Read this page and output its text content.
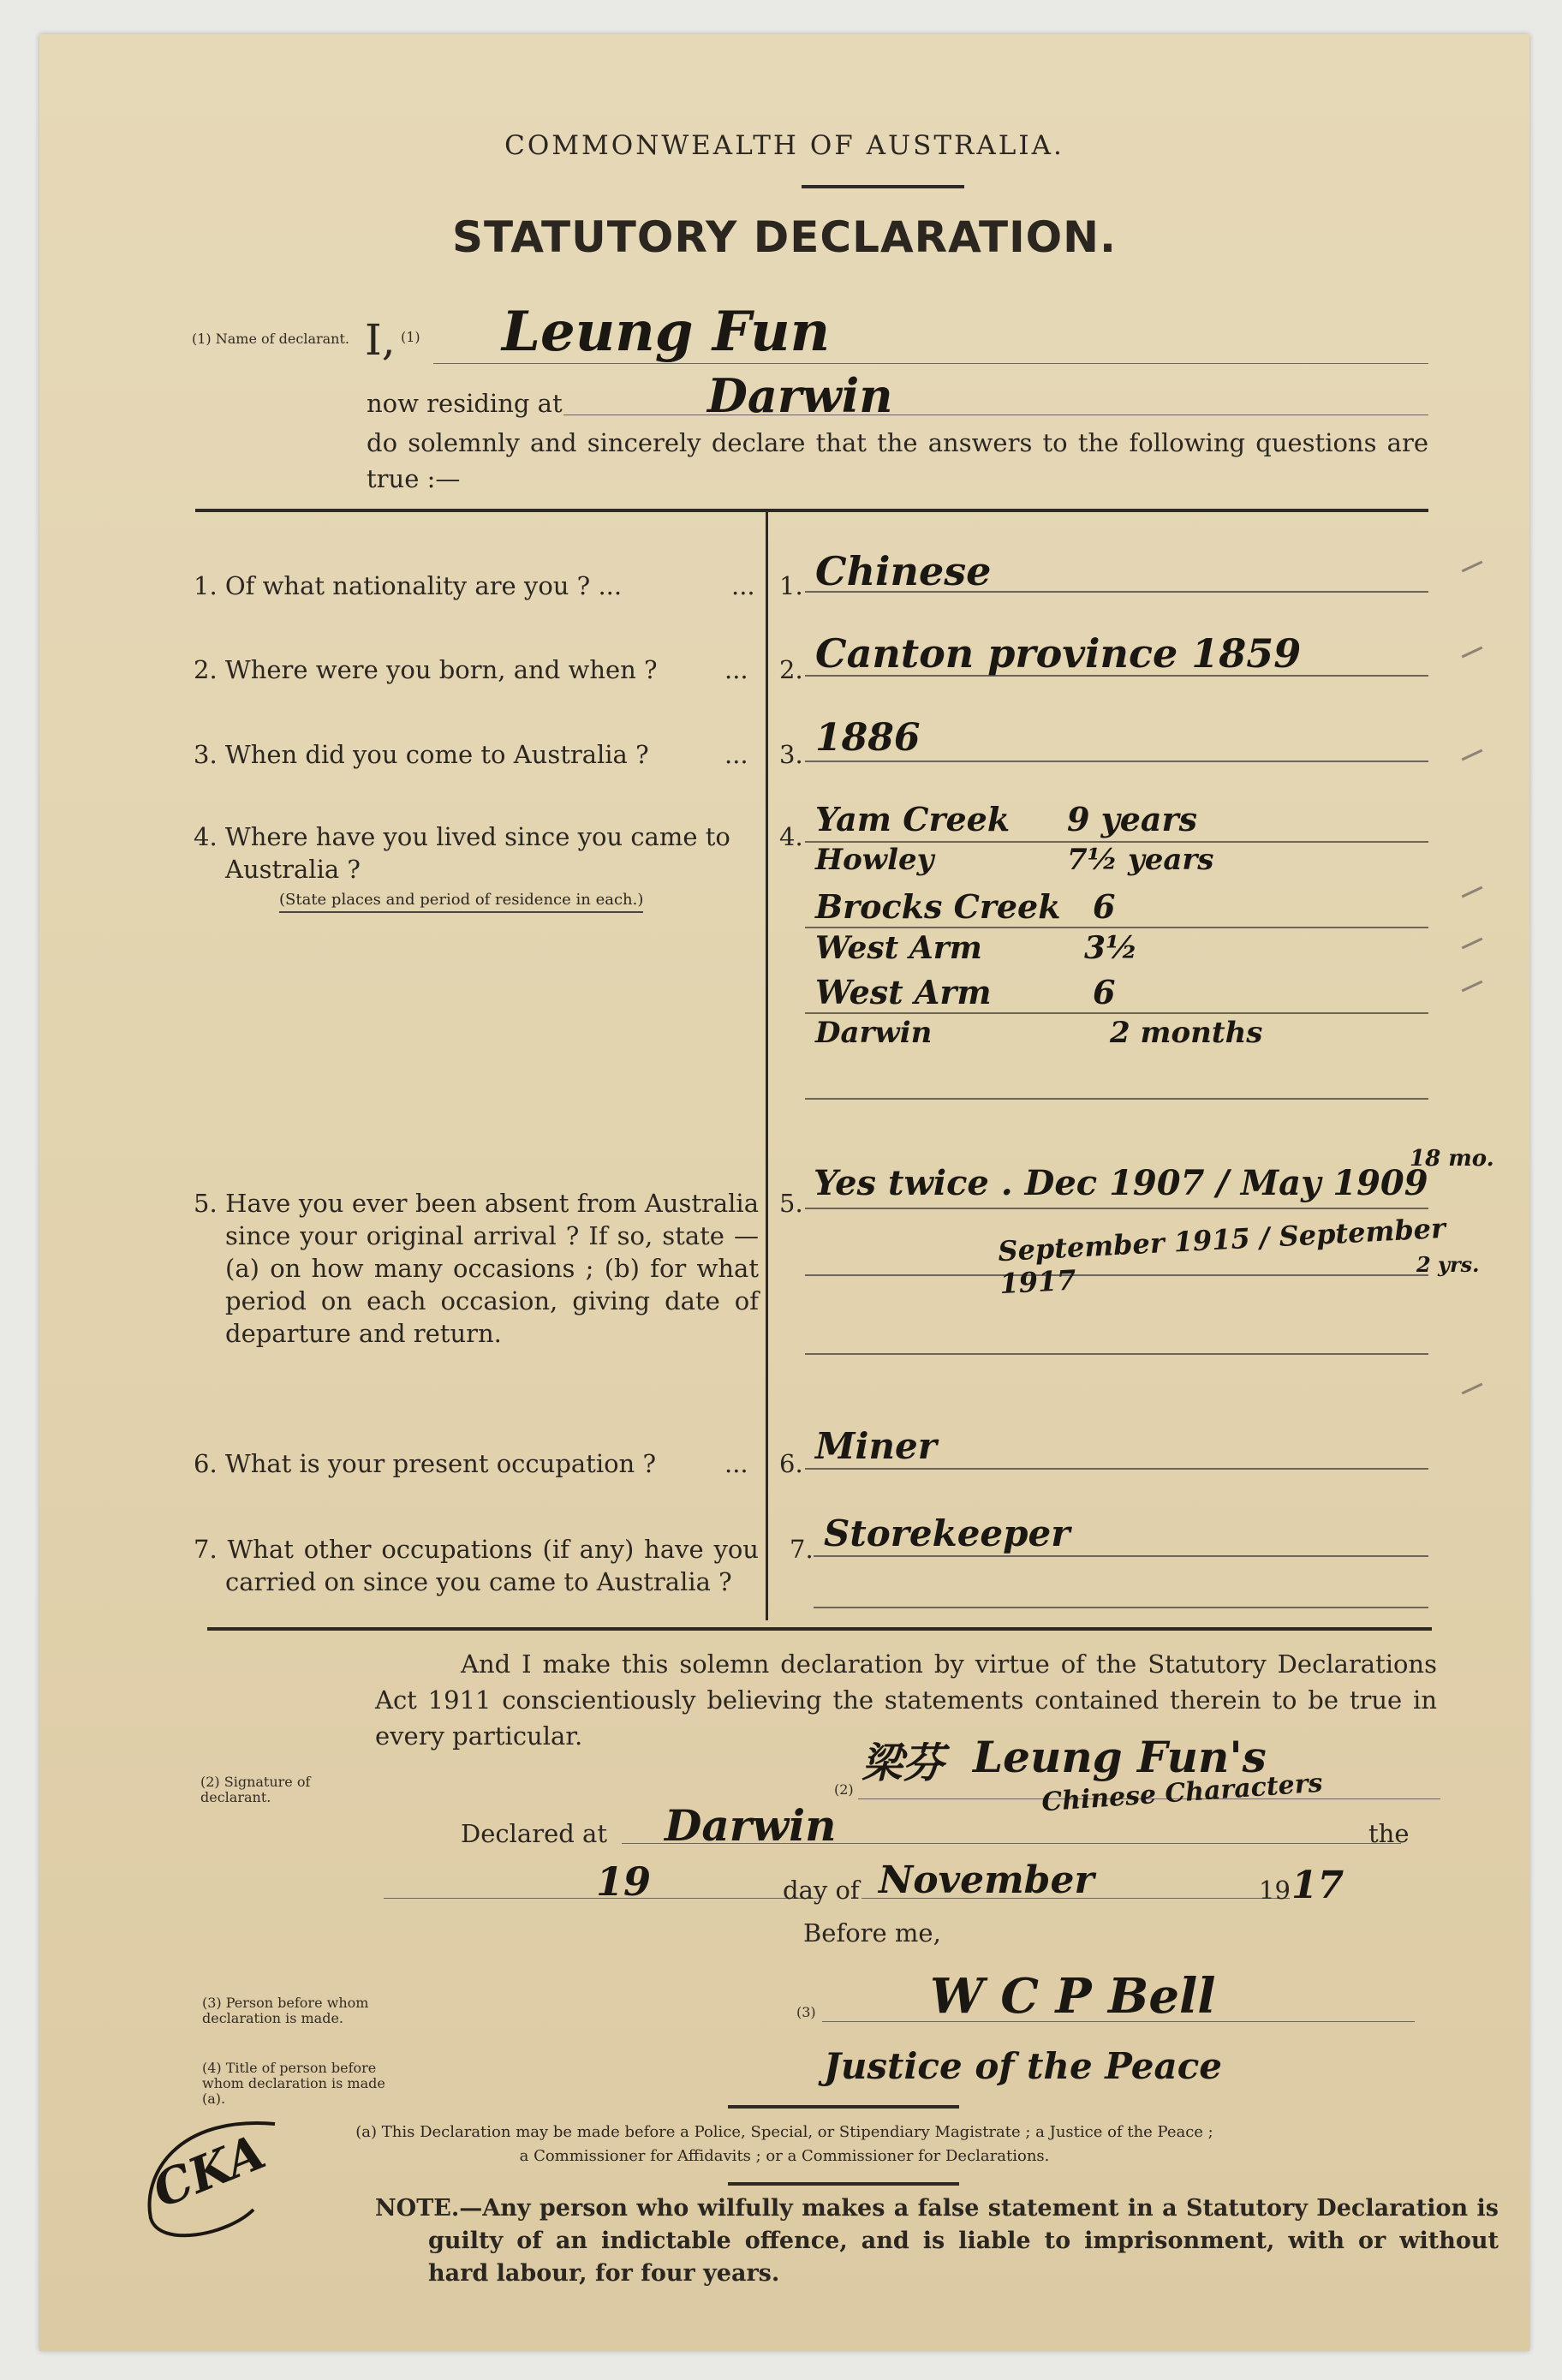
COMMONWEALTH OF AUSTRALIA.
STATUTORY DECLARATION.
(1) Name of declarant. I, (1) Leung Fun
now residing at	Darwin
do solemnly and sincerely declare that the answers to the following questions are true :—
1. Of what nationality are you ? ...	... 1. Chinese
2. Where were you born, and when ?	... 2. Canton province 1859
3. When did you come to Australia ?	... 3. 1886
4. Where have you lived since you came to Australia ?
(State places and period of residence in each.)
4. Yam Creek 9 years
Howley	7½ years
Brocks Creek 6
West Arm	3½
West Arm	6
Darwin	2 months
5. Have you ever been absent from Australia since your original arrival ? If so, state —(a) on how many occasions ; (b) for what period on each occasion, giving date of departure and return.
5. Yes twice . Dec 1907 / May 1909
18 mo.
September 1915 / September 1917	2 yrs.
6. What is your present occupation ?	... 6. Miner
7. What other occupations (if any) have you carried on since you came to Australia ?
7. Storekeeper
And I make this solemn declaration by virtue of the Statutory Declarations Act 1911 conscientiously believing the statements contained therein to be true in every particular.
(2) Signature of declarant.	(2)
梁芬 Leung Fun's
Chinese Characters
Declared at Darwin	the
19	day of November	19 17
Before me,
(3) Person before whom declaration is made.	(3) W C P Bell
(4) Title of person before whom declaration is made (a).
Justice of the Peace
CKA	(a) This Declaration may be made before a Police, Special, or Stipendiary Magistrate ; a Justice of the Peace ;
a Commissioner for Affidavits ; or a Commissioner for Declarations.
NOTE.—Any person who wilfully makes a false statement in a Statutory Declaration is guilty of an indictable offence, and is liable to imprisonment, with or without hard labour, for four years.
